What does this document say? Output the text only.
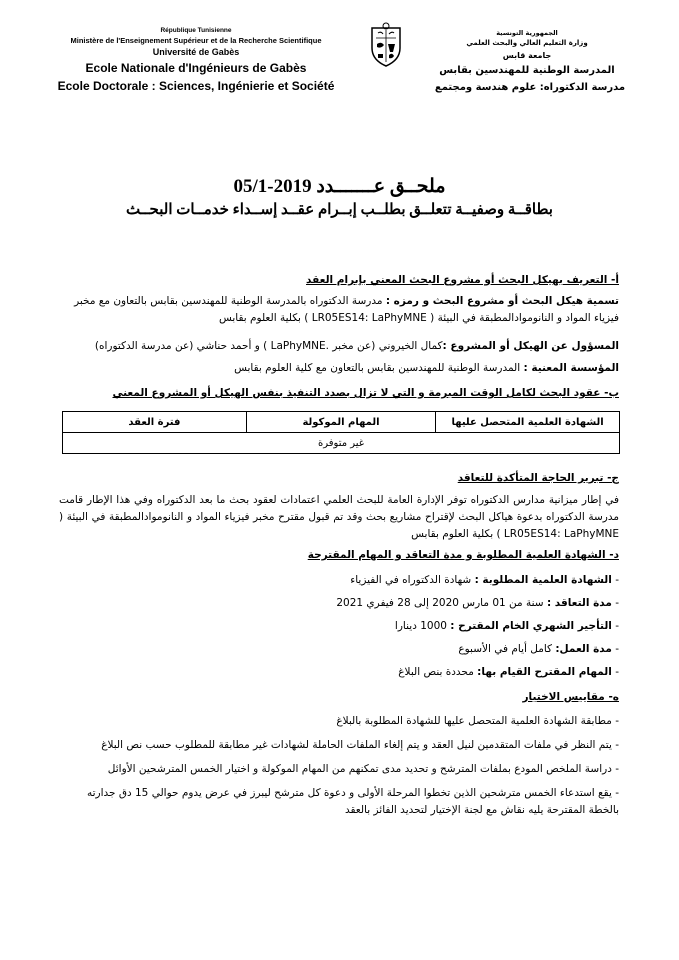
République Tunisienne
Ministère de l'Enseignement Supérieur et de la Recherche Scientifique
Université de Gabès
Ecole Nationale d'Ingénieurs de Gabès
Ecole Doctorale : Sciences, Ingénierie et Société
الجمهورية التونسية
وزارة التعليم العالي والبحث العلمي
جامعة قابس
المدرسة الوطنية للمهندسين بقابس
مدرسة الدكتوراه: علوم هندسة ومجتمع
ملحــق عـــــــدد 2019-05/1
بطاقــة وصفيــة تتعلــق بطلــب إبــرام عقــد إســداء خدمــات البحــث
أ- التعريف بهيكل البحث أو مشروع البحث المعني بإبرام العقد
تسمية هيكل البحث أو مشروع البحث و رمزه : مدرسة الدكتوراه بالمدرسة الوطنية للمهندسين بقابس بالتعاون مع مخبر فيزياء المواد و النانوموادالمطبقة في البيئة ( LR05ES14: LaPhyMNE ) بكلية العلوم بقابس
المسؤول عن الهيكل أو المشروع :كمال الخيروني (عن مخبر .LaPhyMNE ) و أحمد حناشي (عن مدرسة الدكتوراه)
المؤسسة المعنية : المدرسة الوطنية للمهندسين بقابس بالتعاون مع كلية العلوم بقابس
ب- عقود البحث لكامل الوقت المبرمة و التي لا تزال بصدد التنفيذ بنفس الهيكل أو المشروع المعني
الشهادة العلمية المتحصل عليها	المهام الموكولة	فترة العقد
غير متوفرة
ج- تبرير الحاجة المتأكدة للتعاقد
في إطار ميزانية مدارس الدكتوراه توفر الإدارة العامة للبحث العلمي اعتمادات لعقود بحث ما بعد الدكتوراه وفي هذا الإطار قامت مدرسة الدكتوراه بدعوة هياكل البحث لإقتراح مشاريع بحث وقد تم قبول مقترح مخبر فيزياء المواد و النانوموادالمطبقة في البيئة ( LR05ES14: LaPhyMNE ) بكلية العلوم بقابس
د- الشهادة العلمية المطلوبة و مدة التعاقد و المهام المقترحة
- الشهادة العلمية المطلوبة : شهادة الدكتوراه في الفيزياء
- مدة التعاقد : سنة من 01 مارس 2020 إلى 28 فيفري 2021
- التأجير الشهري الخام المقترح : 1000 دينارا
- مدة العمل: كامل أيام في الأسبوع
- المهام المقترح القيام بها: محددة بنص البلاغ
ه- مقاييس الاختيار
- مطابقة الشهادة العلمية المتحصل عليها للشهادة المطلوبة بالبلاغ
- يتم النظر في ملفات المتقدمين لنيل العقد و يتم إلغاء الملفات الحاملة لشهادات غير مطابقة للمطلوب حسب نص البلاغ
- دراسة الملخص المودع بملفات المترشح و تحديد مدى تمكنهم من المهام الموكولة و اختيار الخمس المترشحين الأوائل
- يقع استدعاء الخمس مترشحين الذين تخطوا المرحلة الأولى و دعوة كل مترشح ليبرز في عرض يدوم حوالي 15 دق جدارته بالخطة المقترحة يليه نقاش مع لجنة الإختيار لتحديد الفائز بالعقد
